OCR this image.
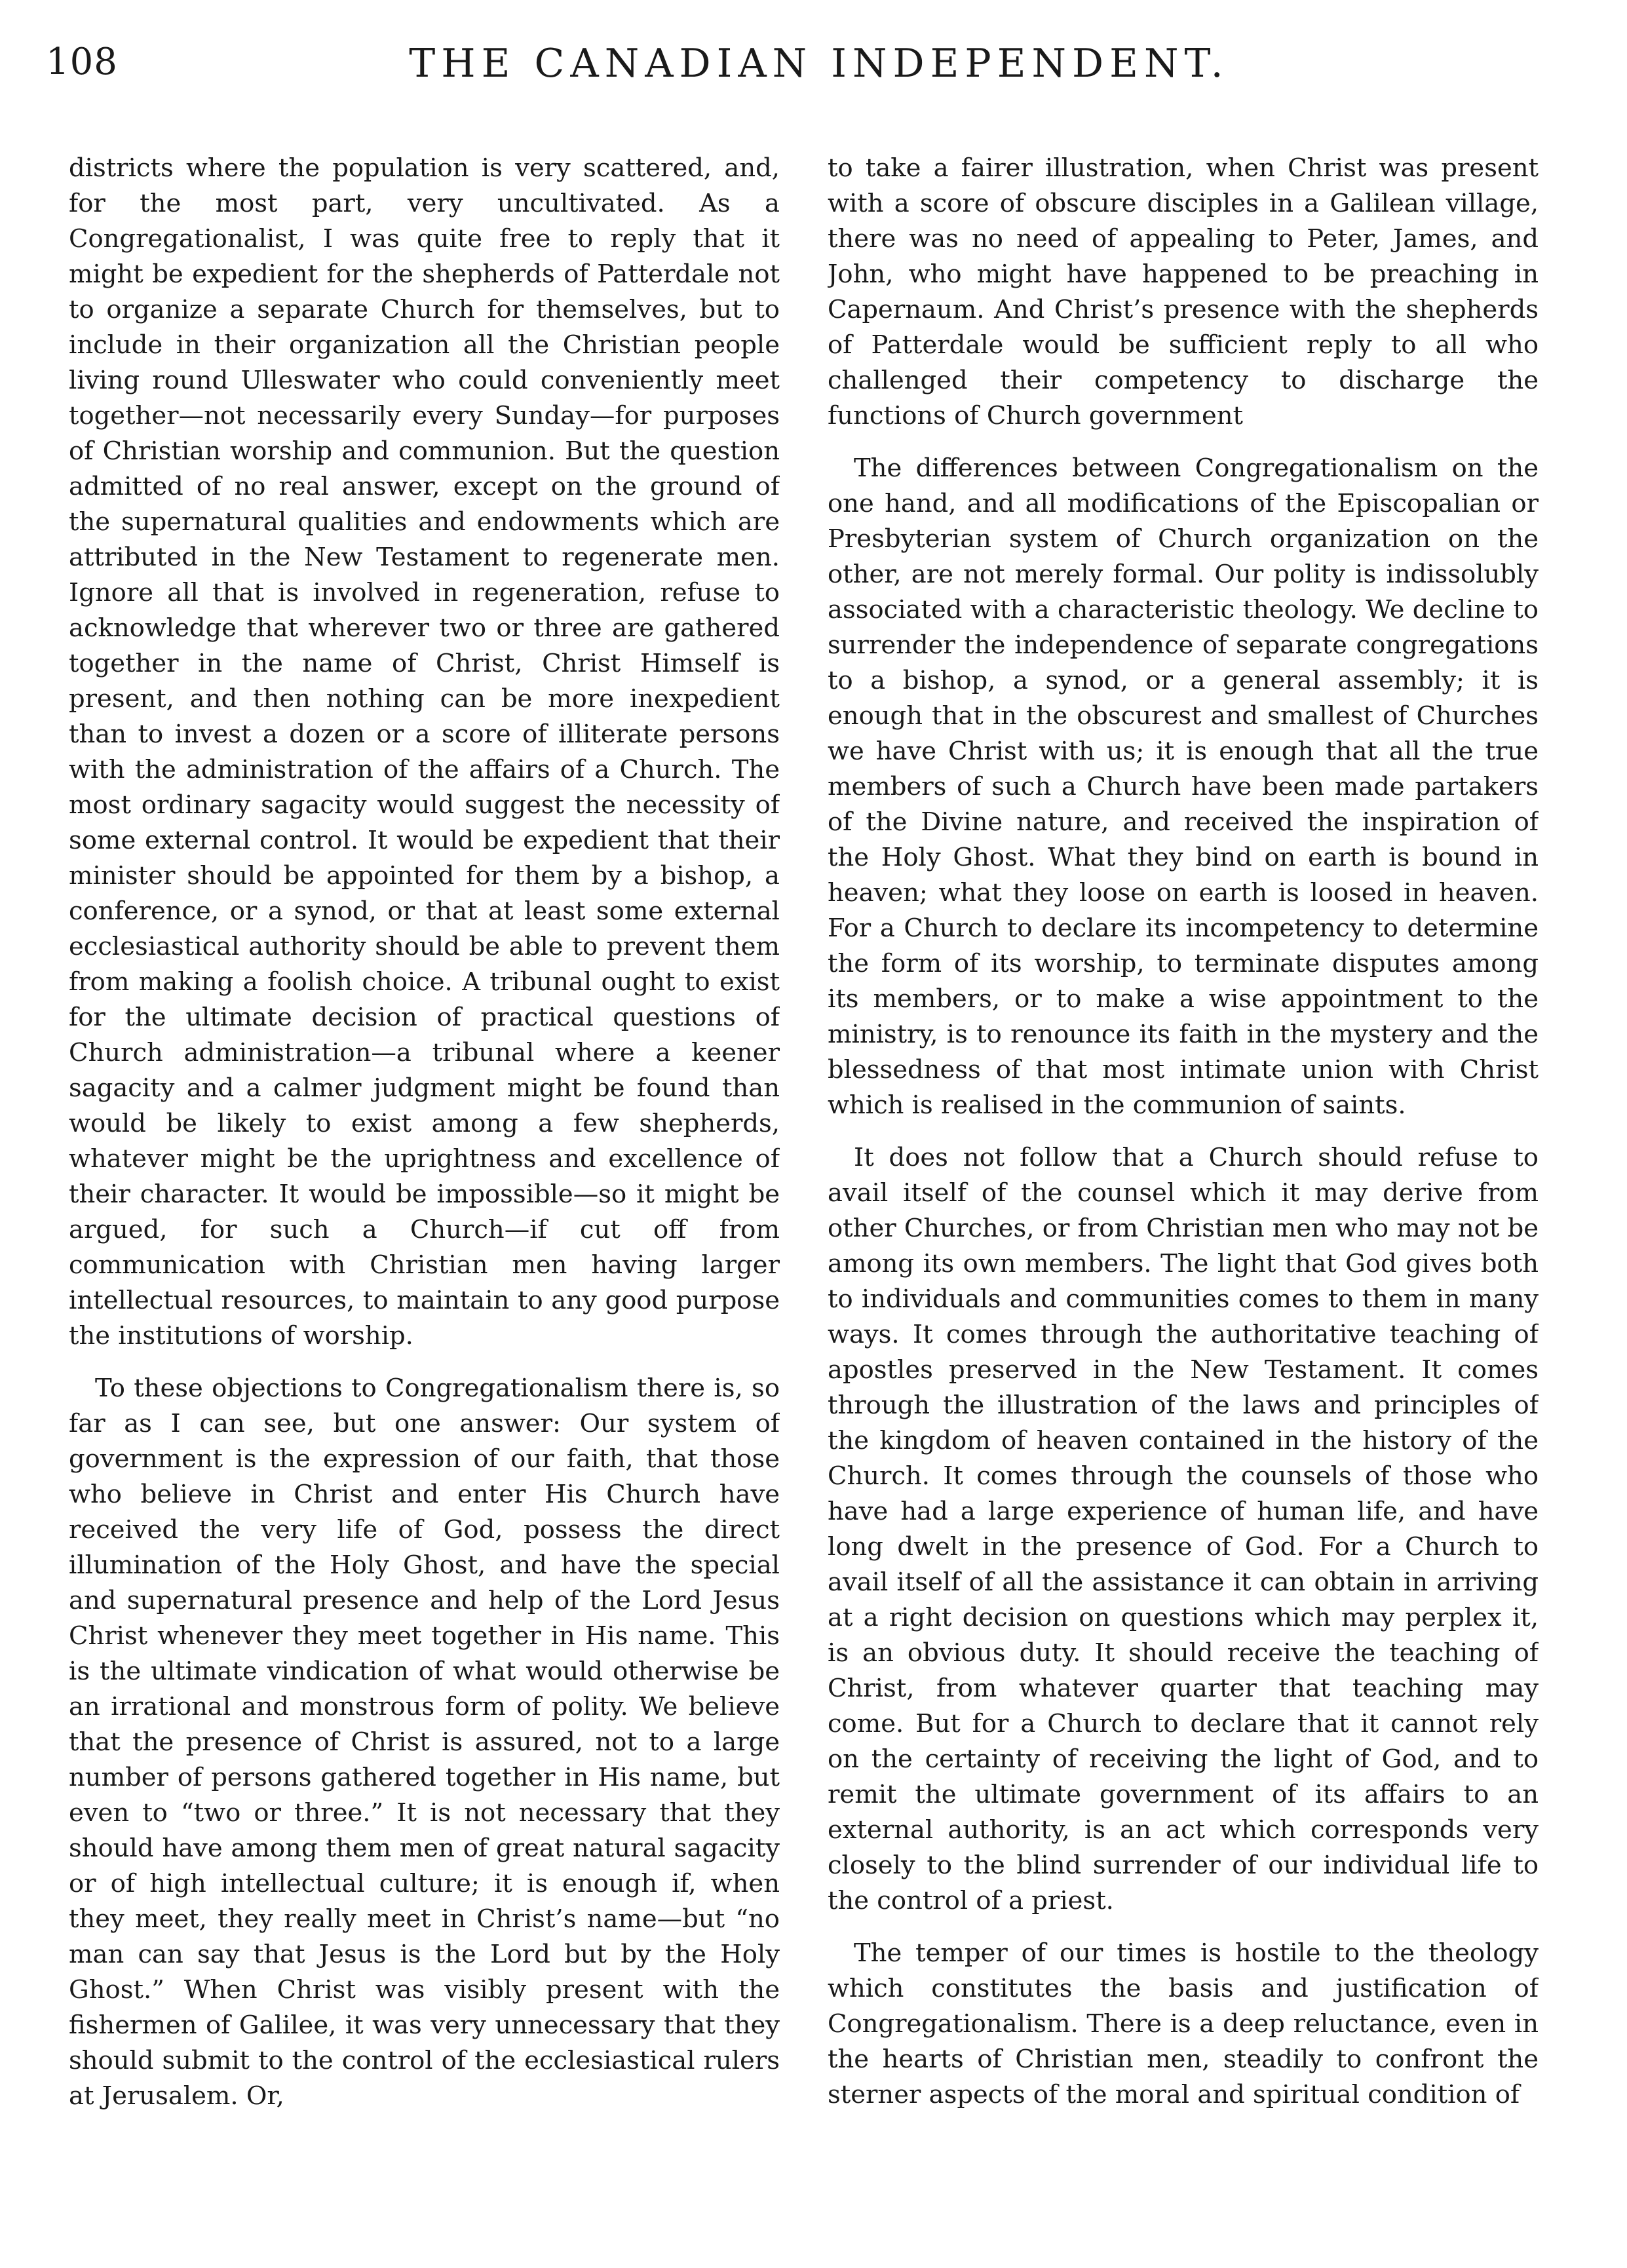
108	THE CANADIAN INDEPENDENT.

districts where the population is very scattered, and, for the most part, very uncultivated. As a Congregationalist, I was quite free to reply that it might be expedient for the shepherds of Patterdale not to organize a separate Church for themselves, but to include in their organization all the Christian people living round Ulleswater who could conveniently meet together—not necessarily every Sunday—for purposes of Christian worship and communion. But the question admitted of no real answer, except on the ground of the supernatural qualities and endowments which are attributed in the New Testament to regenerate men. Ignore all that is involved in regeneration, refuse to acknowledge that wherever two or three are gathered together in the name of Christ, Christ Himself is present, and then nothing can be more inexpedient than to invest a dozen or a score of illiterate persons with the administration of the affairs of a Church. The most ordinary sagacity would suggest the necessity of some external control. It would be expedient that their minister should be appointed for them by a bishop, a conference, or a synod, or that at least some external ecclesiastical authority should be able to prevent them from making a foolish choice. A tribunal ought to exist for the ultimate decision of practical questions of Church administration—a tribunal where a keener sagacity and a calmer judgment might be found than would be likely to exist among a few shepherds, whatever might be the uprightness and excellence of their character. It would be impossible—so it might be argued, for such a Church—if cut off from communication with Christian men having larger intellectual resources, to maintain to any good purpose the institutions of worship.

To these objections to Congregationalism there is, so far as I can see, but one answer: Our system of government is the expression of our faith, that those who believe in Christ and enter His Church have received the very life of God, possess the direct illumination of the Holy Ghost, and have the special and supernatural presence and help of the Lord Jesus Christ whenever they meet together in His name. This is the ultimate vindication of what would otherwise be an irrational and monstrous form of polity. We believe that the presence of Christ is assured, not to a large number of persons gathered together in His name, but even to “two or three.” It is not necessary that they should have among them men of great natural sagacity or of high intellectual culture; it is enough if, when they meet, they really meet in Christ’s name—but “no man can say that Jesus is the Lord but by the Holy Ghost.” When Christ was visibly present with the fishermen of Galilee, it was very unnecessary that they should submit to the control of the ecclesiastical rulers at Jerusalem. Or,

to take a fairer illustration, when Christ was present with a score of obscure disciples in a Galilean village, there was no need of appealing to Peter, James, and John, who might have happened to be preaching in Capernaum. And Christ’s presence with the shepherds of Patterdale would be sufficient reply to all who challenged their competency to discharge the functions of Church government

The differences between Congregationalism on the one hand, and all modifications of the Episcopalian or Presbyterian system of Church organization on the other, are not merely formal. Our polity is indissolubly associated with a characteristic theology. We decline to surrender the independence of separate congregations to a bishop, a synod, or a general assembly; it is enough that in the obscurest and smallest of Churches we have Christ with us; it is enough that all the true members of such a Church have been made partakers of the Divine nature, and received the inspiration of the Holy Ghost. What they bind on earth is bound in heaven; what they loose on earth is loosed in heaven. For a Church to declare its incompetency to determine the form of its worship, to terminate disputes among its members, or to make a wise appointment to the ministry, is to renounce its faith in the mystery and the blessedness of that most intimate union with Christ which is realised in the communion of saints.

It does not follow that a Church should refuse to avail itself of the counsel which it may derive from other Churches, or from Christian men who may not be among its own members. The light that God gives both to individuals and communities comes to them in many ways. It comes through the authoritative teaching of apostles preserved in the New Testament. It comes through the illustration of the laws and principles of the kingdom of heaven contained in the history of the Church. It comes through the counsels of those who have had a large experience of human life, and have long dwelt in the presence of God. For a Church to avail itself of all the assistance it can obtain in arriving at a right decision on questions which may perplex it, is an obvious duty. It should receive the teaching of Christ, from whatever quarter that teaching may come. But for a Church to declare that it cannot rely on the certainty of receiving the light of God, and to remit the ultimate government of its affairs to an external authority, is an act which corresponds very closely to the blind surrender of our individual life to the control of a priest.

The temper of our times is hostile to the theology which constitutes the basis and justification of Congregationalism. There is a deep reluctance, even in the hearts of Christian men, steadily to confront the sterner aspects of the moral and spiritual condition of
